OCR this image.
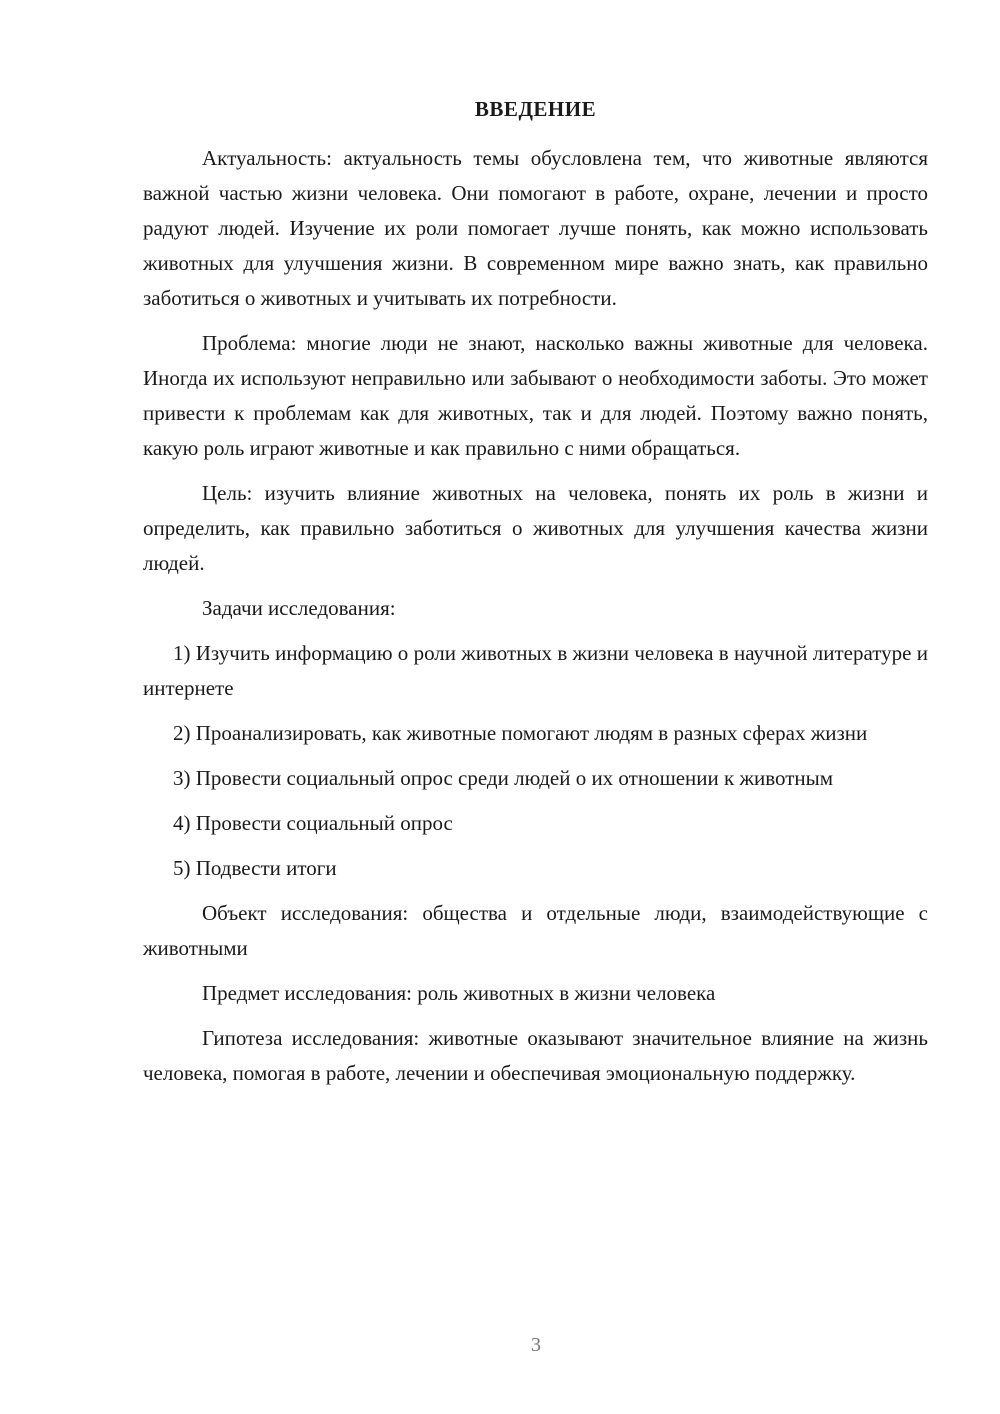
ВВЕДЕНИЕ

Актуальность: актуальность темы обусловлена тем, что животные являются важной частью жизни человека. Они помогают в работе, охране, лечении и просто радуют людей. Изучение их роли помогает лучше понять, как можно использовать животных для улучшения жизни. В современном мире важно знать, как правильно заботиться о животных и учитывать их потребности.

Проблема: многие люди не знают, насколько важны животные для человека. Иногда их используют неправильно или забывают о необходимости заботы. Это может привести к проблемам как для животных, так и для людей. Поэтому важно понять, какую роль играют животные и как правильно с ними обращаться.

Цель: изучить влияние животных на человека, понять их роль в жизни и определить, как правильно заботиться о животных для улучшения качества жизни людей.

Задачи исследования:

1) Изучить информацию о роли животных в жизни человека в научной литературе и интернете

2) Проанализировать, как животные помогают людям в разных сферах жизни

3) Провести социальный опрос среди людей о их отношении к животным

4) Провести социальный опрос

5) Подвести итоги

Объект исследования: общества и отдельные люди, взаимодействующие с животными

Предмет исследования: роль животных в жизни человека

Гипотеза исследования: животные оказывают значительное влияние на жизнь человека, помогая в работе, лечении и обеспечивая эмоциональную поддержку.

3
